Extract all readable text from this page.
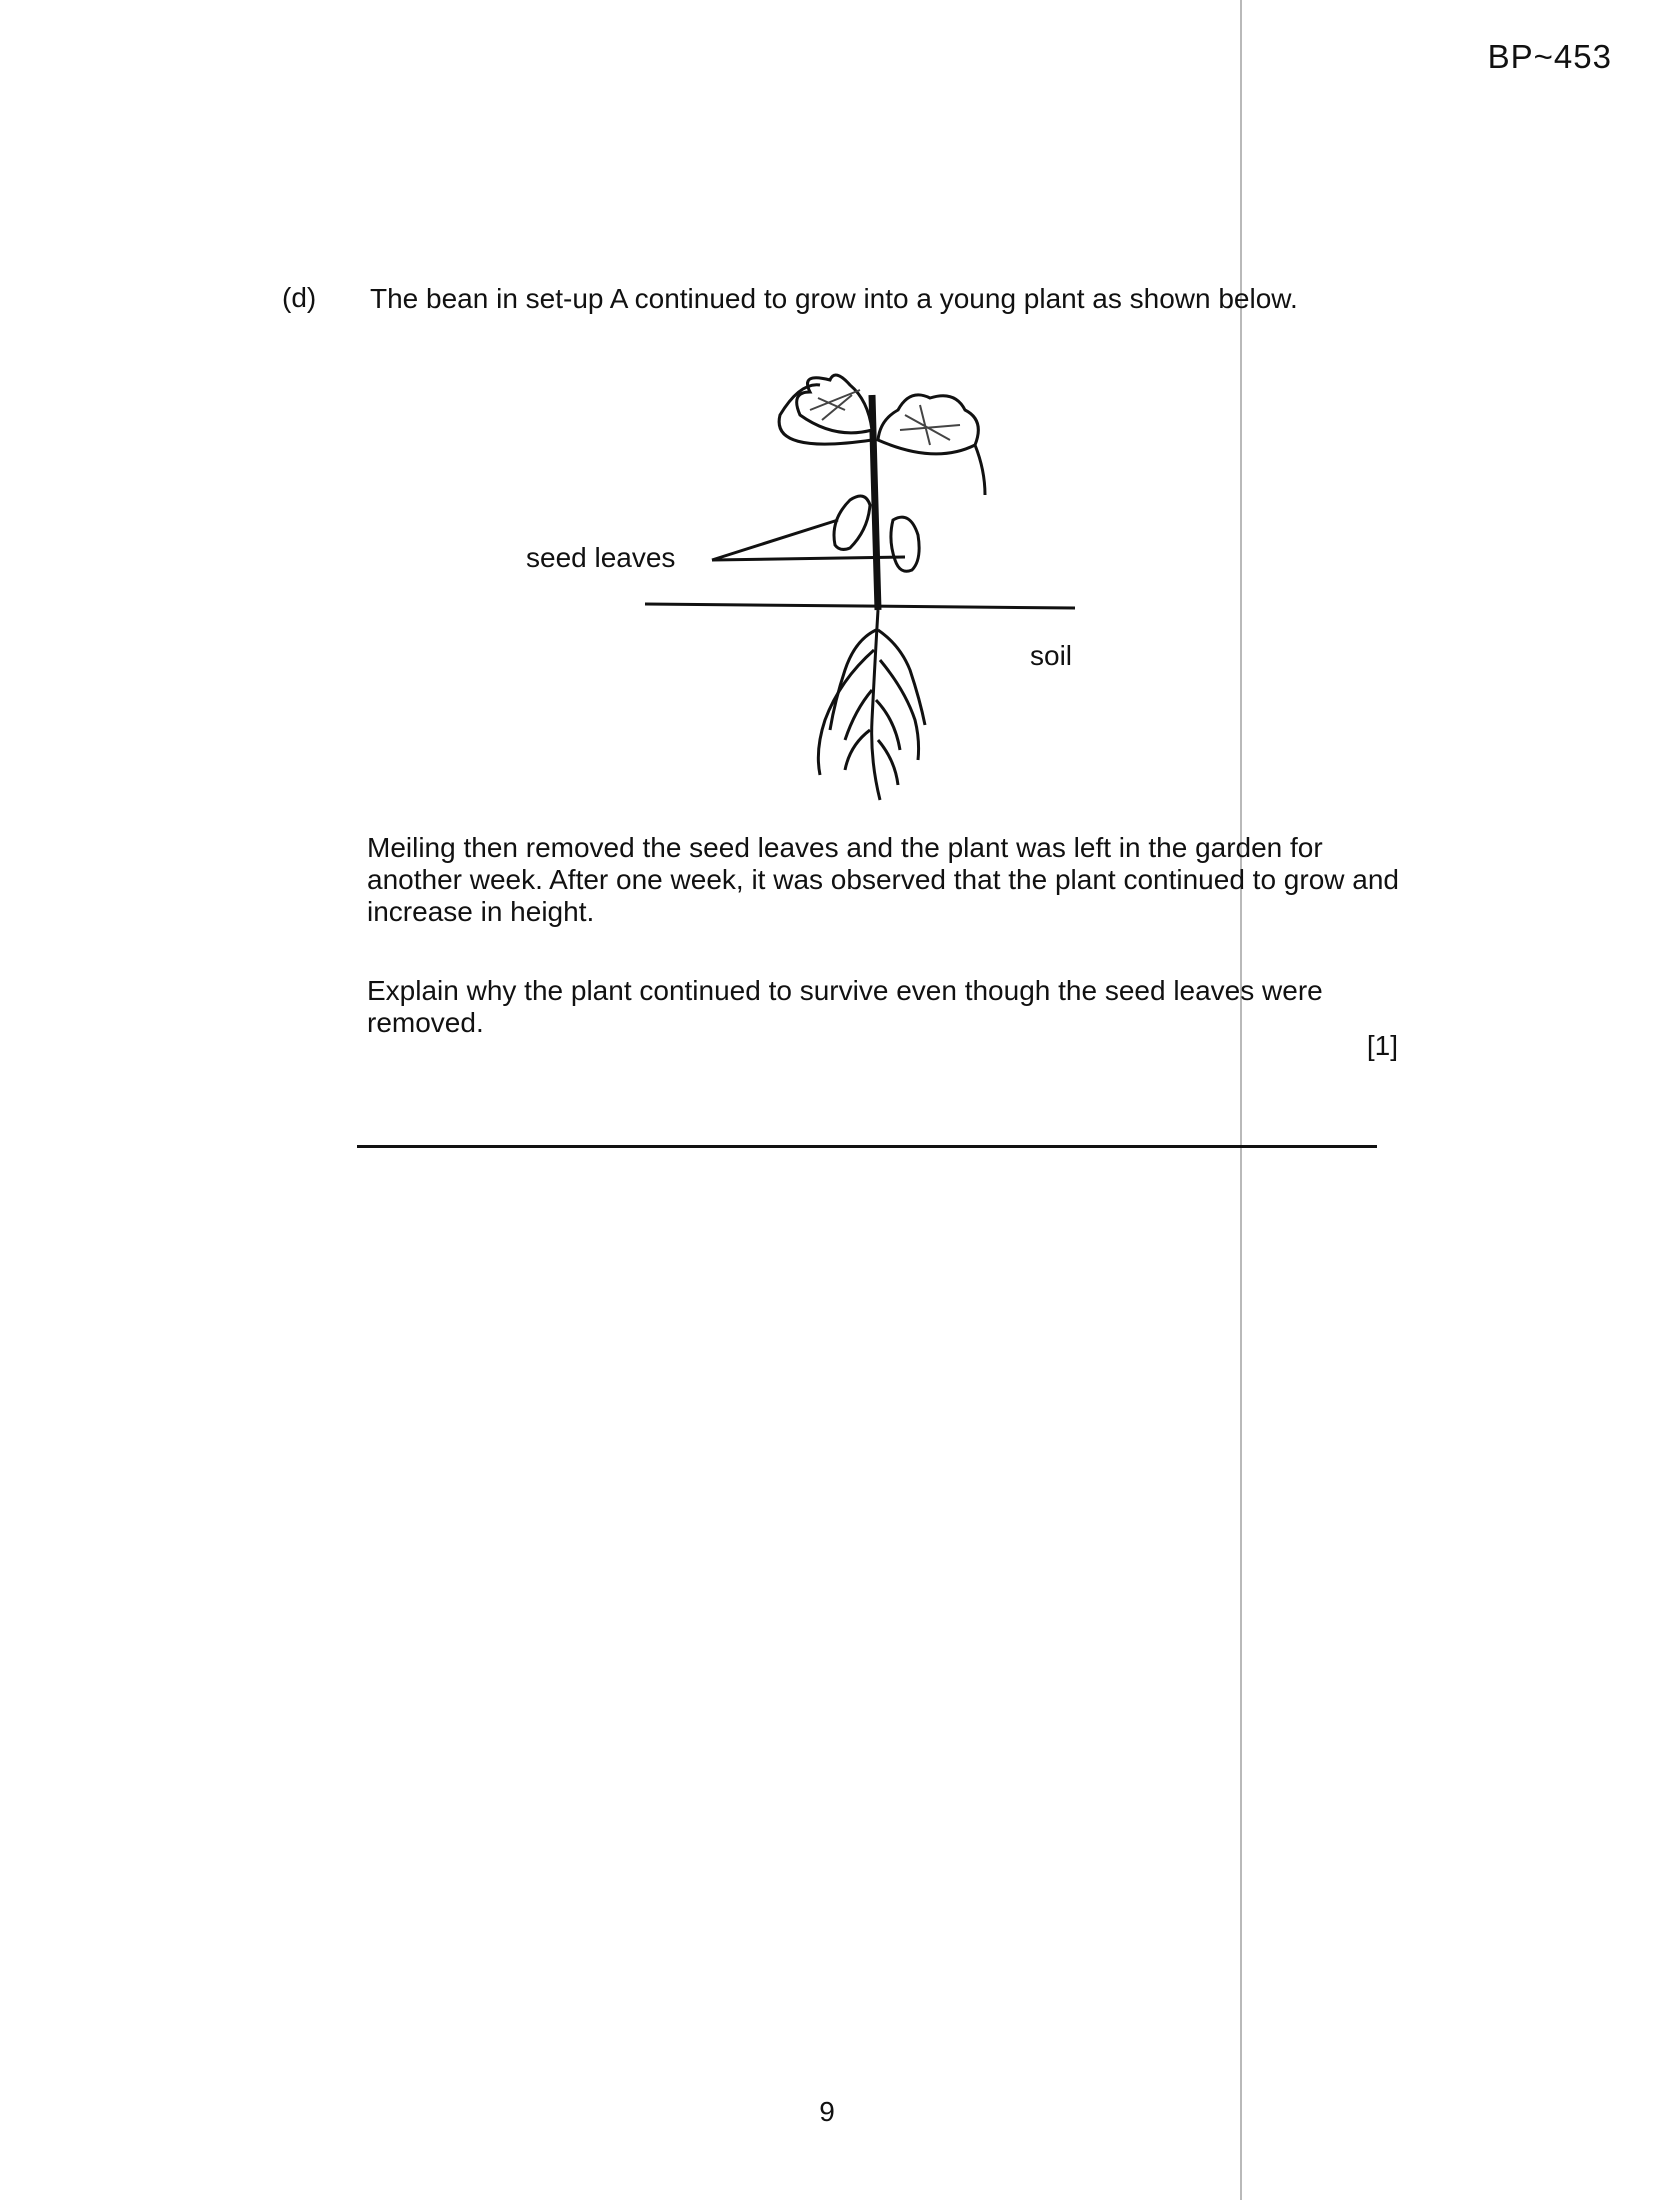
BP~453
(d) The bean in set-up A continued to grow into a young plant as shown below.
seed leaves
soil

Meiling then removed the seed leaves and the plant was left in the garden for another week. After one week, it was observed that the plant continued to grow and increase in height.

Explain why the plant continued to survive even though the seed leaves were removed.

[1]
9
